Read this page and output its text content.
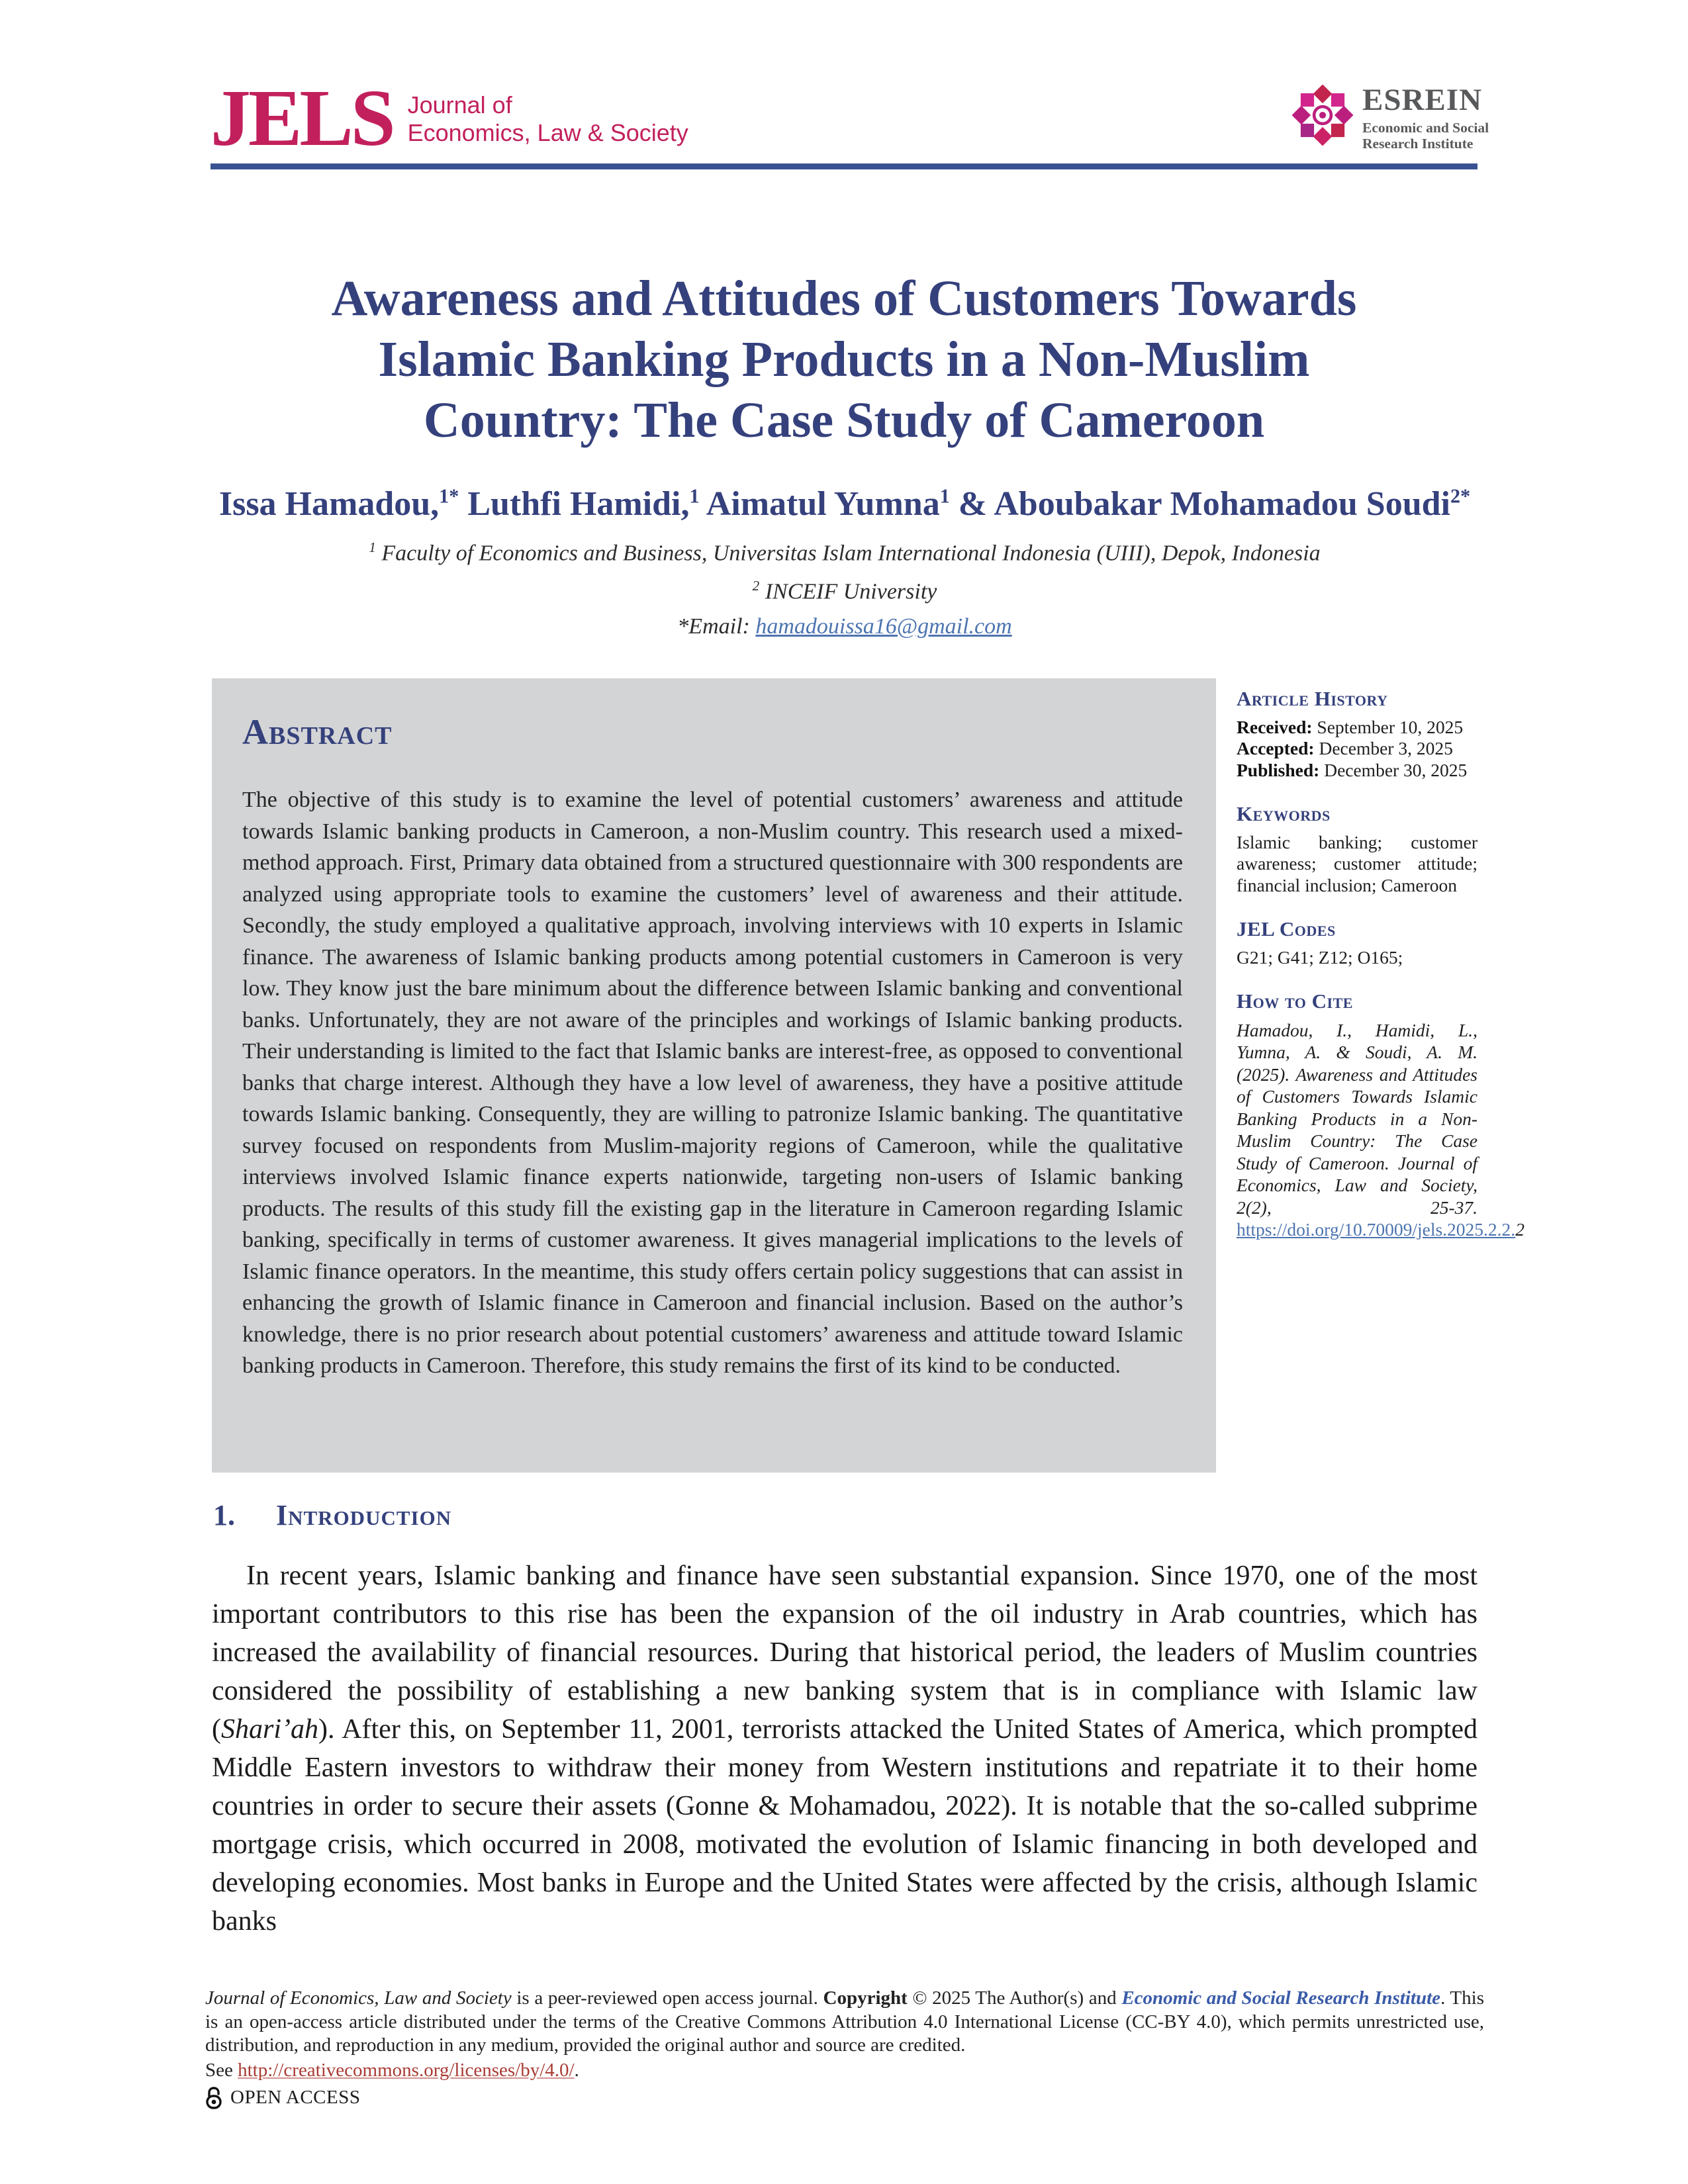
JELS Journal of
Economics, Law & Society
ESREIN
Economic and Social
Research Institute
Awareness and Attitudes of Customers Towards
Islamic Banking Products in a Non-Muslim
Country: The Case Study of Cameroon
Issa Hamadou,$^{1*}$ Luthfi Hamidi,$^1$ Aimatul Yumna$^1$ & Aboubakar Mohamadou Soudi$^{2*}$
$^1$ Faculty of Economics and Business, Universitas Islam International Indonesia (UIII), Depok, Indonesia
$^2$ INCEIF University
*Email: hamadouissa16@gmail.com
Abstract
The objective of this study is to examine the level of potential customers’ awareness and attitude towards Islamic banking products in Cameroon, a non-Muslim country. This research used a mixed-method approach. First, Primary data obtained from a structured questionnaire with 300 respondents are analyzed using appropriate tools to examine the customers’ level of awareness and their attitude. Secondly, the study employed a qualitative approach, involving interviews with 10 experts in Islamic finance. The awareness of Islamic banking products among potential customers in Cameroon is very low. They know just the bare minimum about the difference between Islamic banking and conventional banks. Unfortunately, they are not aware of the principles and workings of Islamic banking products. Their understanding is limited to the fact that Islamic banks are interest-free, as opposed to conventional banks that charge interest. Although they have a low level of awareness, they have a positive attitude towards Islamic banking. Consequently, they are willing to patronize Islamic banking. The quantitative survey focused on respondents from Muslim-majority regions of Cameroon, while the qualitative interviews involved Islamic finance experts nationwide, targeting non-users of Islamic banking products. The results of this study fill the existing gap in the literature in Cameroon regarding Islamic banking, specifically in terms of customer awareness. It gives managerial implications to the levels of Islamic finance operators. In the meantime, this study offers certain policy suggestions that can assist in enhancing the growth of Islamic finance in Cameroon and financial inclusion. Based on the author’s knowledge, there is no prior research about potential customers’ awareness and attitude toward Islamic banking products in Cameroon. Therefore, this study remains the first of its kind to be conducted.
Article History
Received: September 10, 2025
Accepted: December 3, 2025
Published: December 30, 2025
Keywords
Islamic banking; customer awareness; customer attitude; financial inclusion; Cameroon
JEL Codes
G21; G41; Z12; O165;
How to Cite
Hamadou, I., Hamidi, L., Yumna, A. & Soudi, A. M. (2025). Awareness and Attitudes of Customers Towards Islamic Banking Products in a Non-Muslim Country: The Case Study of Cameroon. Journal of Economics, Law and Society, 2(2), 25-37. https://doi.org/10.70009/jels.2025.2.2.2
1. Introduction
In recent years, Islamic banking and finance have seen substantial expansion. Since 1970, one of the most important contributors to this rise has been the expansion of the oil industry in Arab countries, which has increased the availability of financial resources. During that historical period, the leaders of Muslim countries considered the possibility of establishing a new banking system that is in compliance with Islamic law (Shari’ah). After this, on September 11, 2001, terrorists attacked the United States of America, which prompted Middle Eastern investors to withdraw their money from Western institutions and repatriate it to their home countries in order to secure their assets (Gonne & Mohamadou, 2022). It is notable that the so-called subprime mortgage crisis, which occurred in 2008, motivated the evolution of Islamic financing in both developed and developing economies. Most banks in Europe and the United States were affected by the crisis, although Islamic banks
Journal of Economics, Law and Society is a peer-reviewed open access journal. Copyright © 2025 The Author(s) and Economic and Social Research Institute. This is an open-access article distributed under the terms of the Creative Commons Attribution 4.0 International License (CC-BY 4.0), which permits unrestricted use, distribution, and reproduction in any medium, provided the original author and source are credited.
See http://creativecommons.org/licenses/by/4.0/.
OPEN ACCESS
